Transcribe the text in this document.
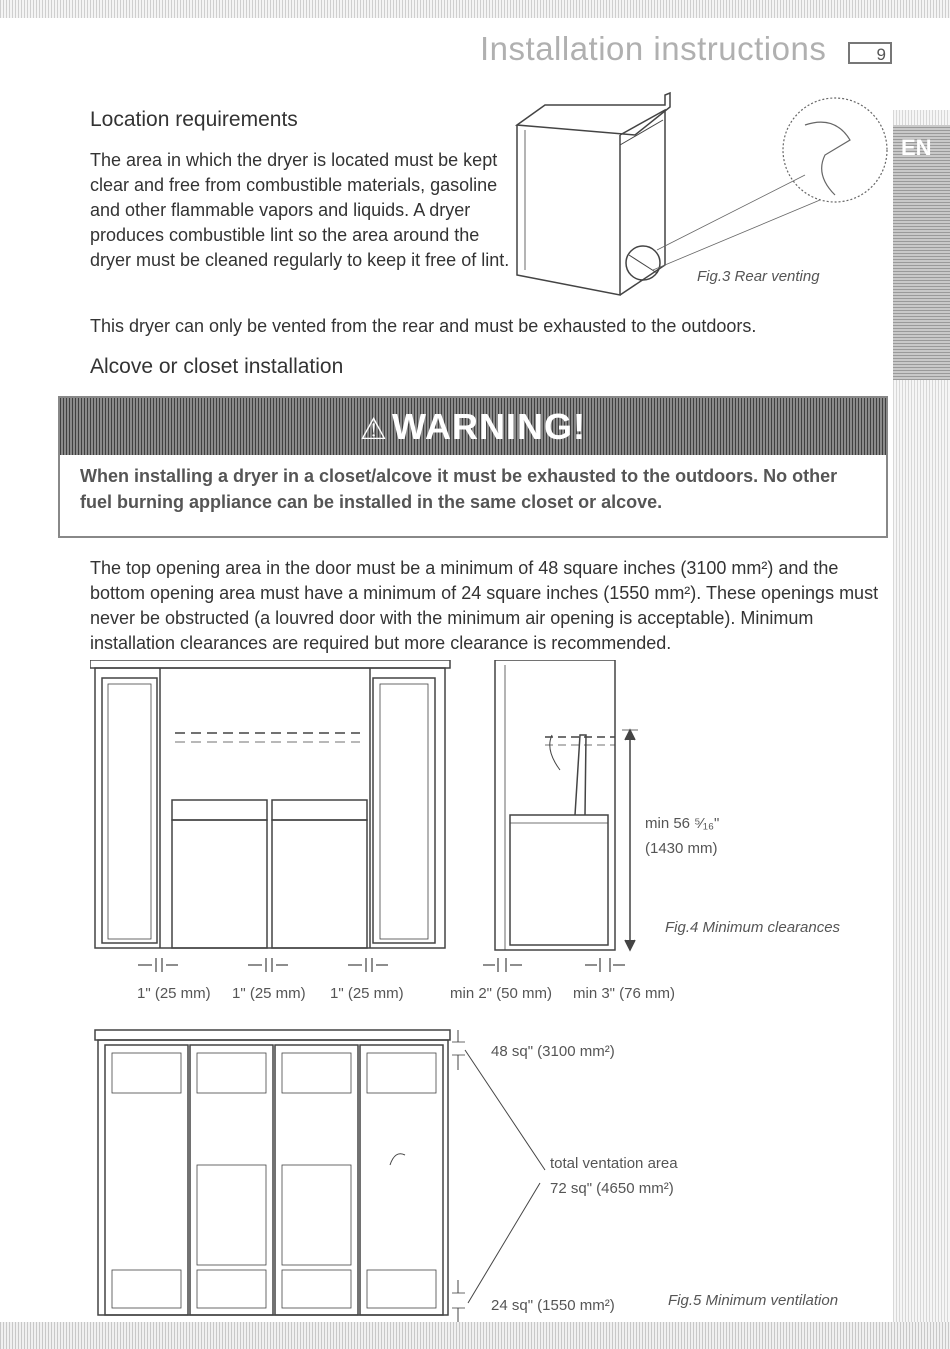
EN
Installation instructions	9
Location requirements
The area in which the dryer is located must be kept clear and free from combustible materials, gasoline and other flammable vapors and liquids. A dryer produces combustible lint so the area around the dryer must be cleaned regularly to keep it free of lint.
Fig.3 Rear venting
This dryer can only be vented from the rear and must be exhausted to the outdoors.
Alcove or closet installation
⚠ WARNING!
When installing a dryer in a closet/alcove it must be exhausted to the outdoors. No other fuel burning appliance can be installed in the same closet or alcove.
The top opening area in the door must be a minimum of 48 square inches (3100 mm²) and the bottom opening area must have a minimum of 24 square inches (1550 mm²). These openings must never be obstructed (a louvred door with the minimum air opening is acceptable). Minimum installation clearances are required but more clearance is recommended.
min 56 ⁵⁄₁₆"
(1430 mm)
Fig.4 Minimum clearances
1" (25 mm) 1" (25 mm) 1" (25 mm)	min 2" (50 mm) min 3" (76 mm)
48 sq" (3100 mm²)
total ventation area
72 sq" (4650 mm²)
24 sq" (1550 mm²)	Fig.5 Minimum ventilation
